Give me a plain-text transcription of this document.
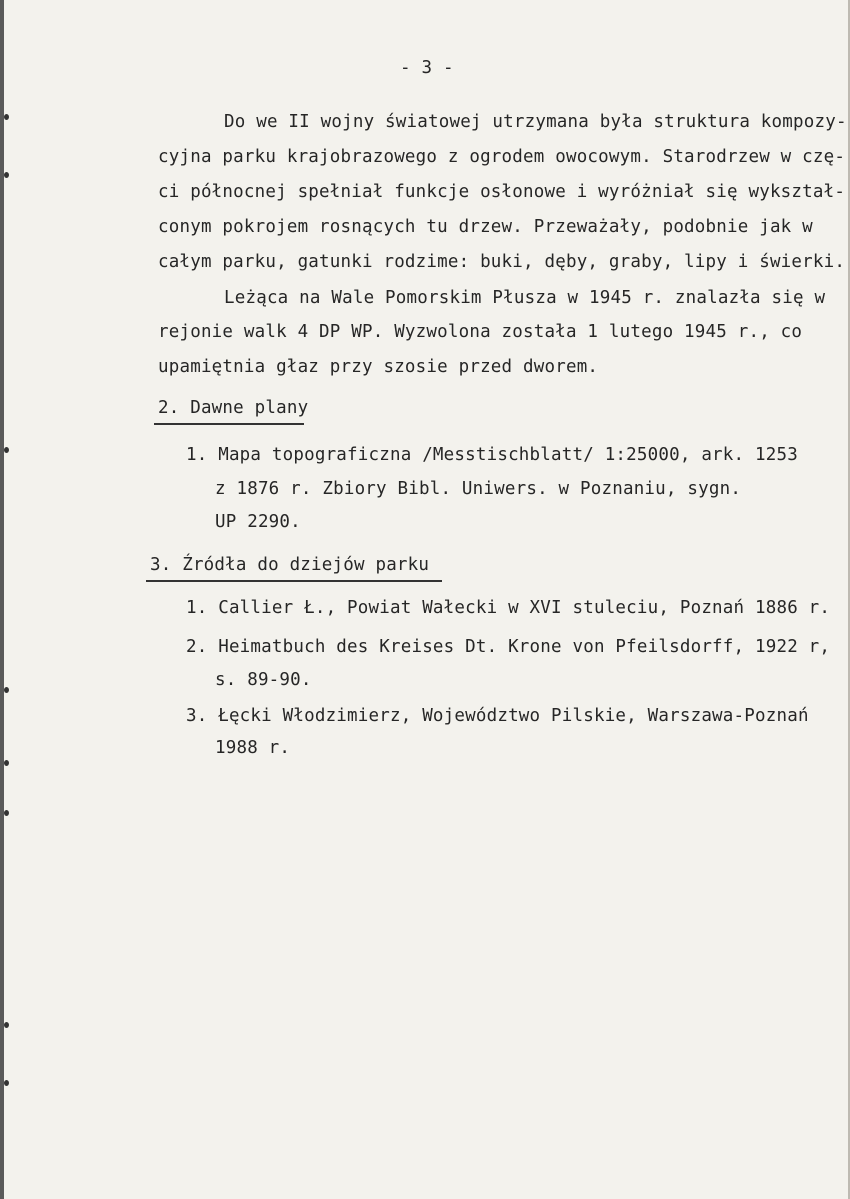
- 3 -
Do we II wojny światowej utrzymana była struktura kompozy-
cyjna parku krajobrazowego z ogrodem owocowym. Starodrzew w czę-
ci północnej spełniał funkcje osłonowe i wyróżniał się wykształ-
conym pokrojem rosnących tu drzew. Przeważały, podobnie jak w
całym parku, gatunki rodzime: buki, dęby, graby, lipy i świerki.
Leżąca na Wale Pomorskim Płusza w 1945 r. znalazła się w
rejonie walk 4 DP WP. Wyzwolona została 1 lutego 1945 r., co
upamiętnia głaz przy szosie przed dworem.
2. Dawne plany
1. Mapa topograficzna /Messtischblatt/ 1:25000, ark. 1253
z 1876 r. Zbiory Bibl. Uniwers. w Poznaniu, sygn.
UP 2290.
3. Źródła do dziejów parku
1. Callier Ł., Powiat Wałecki w XVI stuleciu, Poznań 1886 r.
2. Heimatbuch des Kreises Dt. Krone von Pfeilsdorff, 1922 r,
s. 89-90.
3. Łęcki Włodzimierz, Województwo Pilskie, Warszawa-Poznań
1988 r.
